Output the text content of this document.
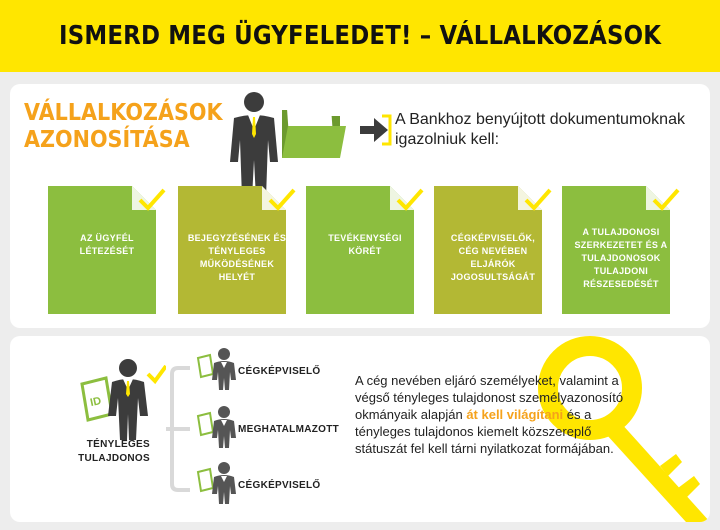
ISMERD MEG ÜGYFELEDET! – VÁLLALKOZÁSOK
VÁLLALKOZÁSOK
AZONOSÍTÁSA
A Bankhoz benyújtott dokumentumoknak igazolniuk kell:
AZ ÜGYFÉL LÉTEZÉSÉT
BEJEGYZÉSÉNEK ÉS TÉNYLEGES MŰKÖDÉSÉNEK HELYÉT
TEVÉKENYSÉGI KÖRÉT
CÉGKÉPVISELŐK, CÉG NEVÉBEN ELJÁRÓK JOGOSULTSÁGÁT
A TULAJDONOSI SZERKEZETET ÉS A TULAJDONOSOK TULAJDONI RÉSZESEDÉSÉT
ID
TÉNYLEGES
TULAJDONOS
CÉGKÉPVISELŐ
MEGHATALMAZOTT
CÉGKÉPVISELŐ
A cég nevében eljáró személyeket, valamint a végső tényleges tulajdonost személyazonosító okmányaik alapján át kell világítani és a tényleges tulajdonos kiemelt közszereplő státuszát fel kell tárni nyilatkozat formájában.
